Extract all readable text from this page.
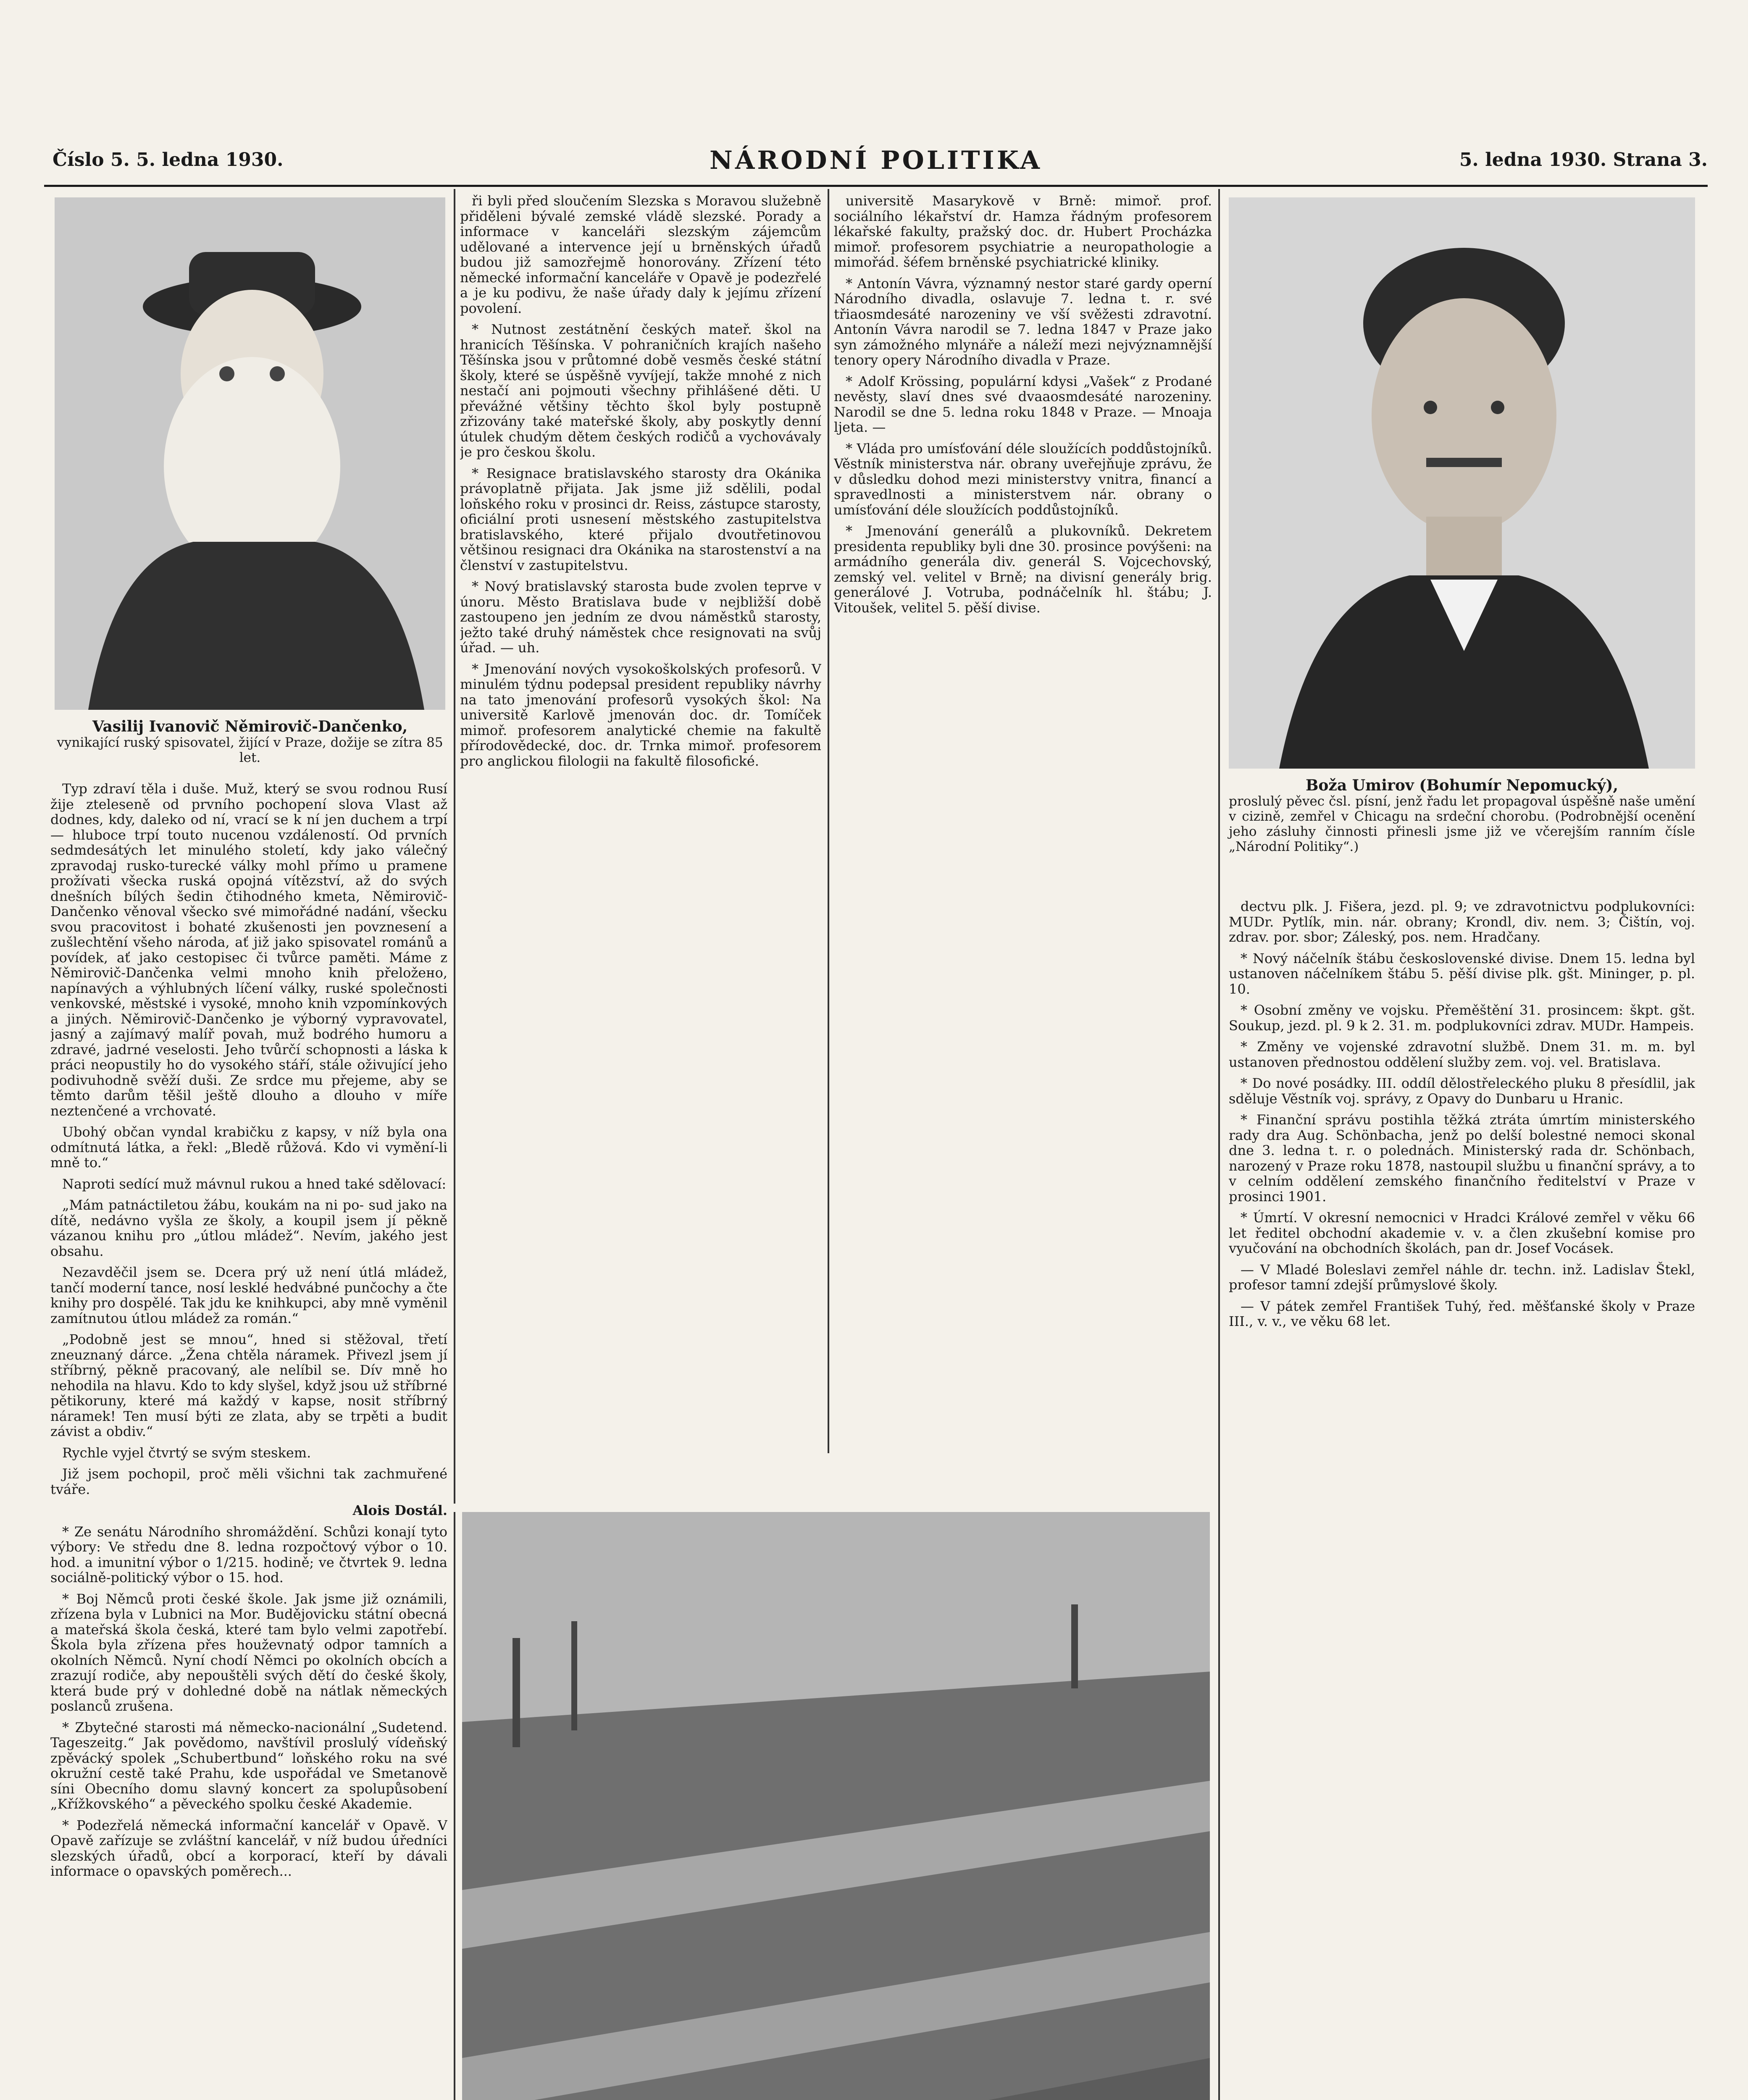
Číslo 5. 5. ledna 1930.	NÁRODNÍ POLITIKA	5. ledna 1930. Strana 3.
Vasilij Ivanovič Němirovič-Dančenko,
vynikající ruský spisovatel, žijící v Praze, dožije se zítra 85 let.

Typ zdraví těla i duše. Muž, který se svou rodnou Rusí žije zteleseně od prvního pochopení slova Vlast až dodnes, kdy, daleko od ní, vrací se k ní jen duchem a trpí — hluboce trpí touto nucenou vzdáleností. Od prvních sedmdesátých let minulého století, kdy jako válečný zpravodaj rusko-turecké války mohl přímo u pramene prožívati všecka ruská opojná vítězství, až do svých dnešních bílých šedin čtihodného kmeta, Němirovič-Dančenko věnoval všecko své mimořádné nadání, všecku svou pracovitost i bohaté zkušenosti jen povznesení a zušlechtění všeho národa, ať již jako spisovatel románů a povídek, ať jako cestopisec či tvůrce paměti. Máme z Němirovič-Dančenka velmi mnoho knih přeložено, napínavých a výhlubných líčení války, ruské společnosti venkovské, městské i vysoké, mnoho knih vzpomínkových a jiných. Němirovič-Dančenko je výborný vypravovatel, jasný a zajímavý malíř povah, muž bodrého humoru a zdravé, jadrné veselosti. Jeho tvůrčí schopnosti a láska k práci neopustily ho do vysokého stáří, stále oživující jeho podivuhodně svěží duši. Ze srdce mu přejeme, aby se těmto darům těšil ještě dlouho a dlouho v míře neztenčené a vrchovaté.

Ubohý občan vyndal krabičku z kapsy, v níž byla ona odmítnutá látka, a řekl: „Bledě růžová. Kdo vi vymění-li mně to.“

Naproti sedící muž mávnul rukou a hned také sdělovací:

„Mám patnáctiletou žábu, koukám na ni po- sud jako na dítě, nedávno vyšla ze školy, a koupil jsem jí pěkně vázanou knihu pro „útlou mládež“. Nevím, jakého jest obsahu.

Nezavděčil jsem se. Dcera prý už není útlá mládež, tančí moderní tance, nosí lesklé hedvábné punčochy a čte knihy pro dospělé. Tak jdu ke knihkupci, aby mně vyměnil zamítnutou útlou mládež za román.“

„Podobně jest se mnou“, hned si stěžoval, třetí zneuznaný dárce. „Žena chtěla náramek. Přivezl jsem jí stříbrný, pěkně pracovaný, ale nelíbil se. Dív mně ho nehodila na hlavu. Kdo to kdy slyšel, když jsou už stříbrné pětikoruny, které má každý v kapse, nosit stříbrný náramek! Ten musí býti ze zlata, aby se trpěti a budit závist a obdiv.“

Rychle vyjel čtvrtý se svým steskem.

Již jsem pochopil, proč měli všichni tak zachmuřené tváře.

Alois Dostál.

* Ze senátu Národního shromáždění. Schůzi konají tyto výbory: Ve středu dne 8. ledna rozpočtový výbor o 10. hod. a imunitní výbor o 1/215. hodině; ve čtvrtek 9. ledna sociálně-politický výbor o 15. hod.

* Boj Němců proti české škole. Jak jsme již oznámili, zřízena byla v Lubnici na Mor. Budějovicku státní obecná a mateřská škola česká, které tam bylo velmi zapotřebí. Škola byla zřízena přes houževnatý odpor tamních a okolních Němců. Nyní chodí Němci po okolních obcích a zrazují rodiče, aby nepouštěli svých dětí do české školy, která bude prý v dohledné době na nátlak německých poslanců zrušena.

* Zbytečné starosti má německo-nacionální „Sudetend. Tageszeitg.“ Jak povědomo, navštívil proslulý vídeňský zpěvácký spolek „Schubertbund“ loňského roku na své okružní cestě také Prahu, kde uspořádal ve Smetanově síni Obecního domu slavný koncert za spolupůsobení „Křížkovského“ a pěveckého spolku české Akademie.

* Podezřelá německá informační kancelář v Opavě. V Opavě zařízuje se zvláštní kancelář, v níž budou úředníci slezských úřadů, obcí a korporací, kteří by dávali informace o opavských poměrech...

ři byli před sloučením Slezska s Moravou služebně přiděleni bývalé zemské vládě slezské. Porady a informace v kanceláři slezským zájemcům udělované a intervence její u brněnských úřadů budou již samozřejmě honorovány. Zřízení této německé informační kanceláře v Opavě je podezřelé a je ku podivu, že naše úřady daly k jejímu zřízení povolení.

* Nutnost zestátnění českých mateř. škol na hranicích Těšínska. V pohraničních krajích našeho Těšínska jsou v průtomné době vesměs české státní školy, které se úspěšně vyvíjejí, takže mnohé z nich nestačí ani pojmouti všechny přihlášené děti. U převážné většiny těchto škol byly postupně zřizovány také mateřské školy, aby poskytly denní útulek chudým dětem českých rodičů a vychovávaly je pro českou školu.

* Resignace bratislavského starosty dra Okánika právoplatně přijata. Jak jsme již sdělili, podal loňského roku v prosinci dr. Reiss, zástupce starosty, oficiální proti usnesení městského zastupitelstva bratislavského, které přijalo dvoutřetinovou většinou resignaci dra Okánika na starostenství a na členství v zastupitelstvu.

* Nový bratislavský starosta bude zvolen teprve v únoru. Město Bratislava bude v nejbližší době zastoupeno jen jedním ze dvou náměstků starosty, ježto také druhý náměstek chce resignovati na svůj úřad. — uh.

* Jmenování nových vysokoškolských profesorů. V minulém týdnu podepsal president republiky návrhy na tato jmenování profesorů vysokých škol: Na universitě Karlově jmenován doc. dr. Tomíček mimoř. profesorem analytické chemie na fakultě přírodovědecké, doc. dr. Trnka mimoř. profesorem pro anglickou filologii na fakultě filosofické.

universitě Masarykově v Brně: mimoř. prof. sociálního lékařství dr. Hamza řádným profesorem lékařské fakulty, pražský doc. dr. Hubert Procházka mimoř. profesorem psychiatrie a neuropathologie a mimořád. šéfem brněnské psychiatrické kliniky.

* Antonín Vávra, významný nestor staré gardy operní Národního divadla, oslavuje 7. ledna t. r. své třiaosmdesáté narozeniny ve vší svěžesti zdravotní. Antonín Vávra narodil se 7. ledna 1847 v Praze jako syn zámožného mlynáře a náleží mezi nejvýznamnější tenory opery Národního divadla v Praze.

* Adolf Krössing, populární kdysi „Vašek“ z Prodané nevěsty, slaví dnes své dvaaosmdesáté narozeniny. Narodil se dne 5. ledna roku 1848 v Praze. — Mnoaja ljeta. —

* Vláda pro umísťování déle sloužících poddůstojníků. Věstník ministerstva nár. obrany uveřejňuje zprávu, že v důsledku dohod mezi ministerstvy vnitra, financí a spravedlnosti a ministerstvem nár. obrany o umísťování déle sloužících poddůstojníků.

* Jmenování generálů a plukovníků. Dekretem presidenta republiky byli dne 30. prosince povýšeni: na armádního generála div. generál S. Vojcechovský, zemský vel. velitel v Brně; na divisní generály brig. generálové J. Votruba, podnáčelník hl. štábu; J. Vitoušek, velitel 5. pěší divise.

Boža Umirov (Bohumír Nepomucký),
proslulý pěvec čsl. písní, jenž řadu let propagoval úspěšně naše umění v cizině, zemřel v Chicagu na srdeční chorobu. (Podrobnější ocenění jeho zásluhy činnosti přinesli jsme již ve včerejším ranním čísle „Národní Politiky“.)

dectvu plk. J. Fišera, jezd. pl. 9; ve zdravotnictvu podplukovníci: MUDr. Pytlík, min. nár. obrany; Krondl, div. nem. 3; Čištín, voj. zdrav. por. sbor; Záleský, pos. nem. Hradčany.

* Nový náčelník štábu československé divise. Dnem 15. ledna byl ustanoven náčelníkem štábu 5. pěší divise plk. gšt. Mininger, p. pl. 10.

* Osobní změny ve vojsku. Přeměštění 31. prosincem: škpt. gšt. Soukup, jezd. pl. 9 k 2. 31. m. podplukovníci zdrav. MUDr. Hampeis.

* Změny ve vojenské zdravotní službě. Dnem 31. m. m. byl ustanoven přednostou oddělení služby zem. voj. vel. Bratislava.

* Do nové posádky. III. oddíl dělostřeleckého pluku 8 přesídlil, jak sděluje Věstník voj. správy, z Opavy do Dunbaru u Hranic.

* Finanční správu postihla těžká ztráta úmrtím ministerského rady dra Aug. Schönbacha, jenž po delší bolestné nemoci skonal dne 3. ledna t. r. o polednách. Ministerský rada dr. Schönbach, narozený v Praze roku 1878, nastoupil službu u finanční správy, a to v celním oddělení zemského finančního ředitelství v Praze v prosinci 1901.

* Úmrtí. V okresní nemocnici v Hradci Králové zemřel v věku 66 let ředitel obchodní akademie v. v. a člen zkušební komise pro vyučování na obchodních školách, pan dr. Josef Vocásek.

— V Mladé Boleslavi zemřel náhle dr. techn. inž. Ladislav Štekl, profesor tamní zdejší průmyslové školy.

— V pátek zemřel František Tuhý, řed. měšťanské školy v Praze III., v. v., ve věku 68 let.
